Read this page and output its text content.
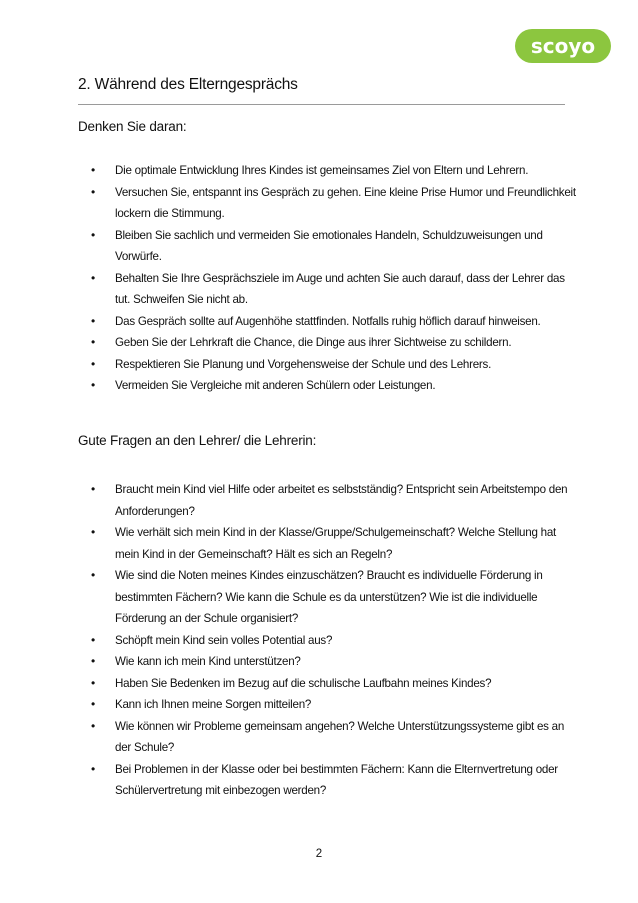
scoyo
2. Während des Elterngesprächs

Denken Sie daran:

• Die optimale Entwicklung Ihres Kindes ist gemeinsames Ziel von Eltern und Lehrern.
• Versuchen Sie, entspannt ins Gespräch zu gehen. Eine kleine Prise Humor und Freundlichkeit lockern die Stimmung.
• Bleiben Sie sachlich und vermeiden Sie emotionales Handeln, Schuldzuweisungen und Vorwürfe.
• Behalten Sie Ihre Gesprächsziele im Auge und achten Sie auch darauf, dass der Lehrer das tut. Schweifen Sie nicht ab.
• Das Gespräch sollte auf Augenhöhe stattfinden. Notfalls ruhig höflich darauf hinweisen.
• Geben Sie der Lehrkraft die Chance, die Dinge aus ihrer Sichtweise zu schildern.
• Respektieren Sie Planung und Vorgehensweise der Schule und des Lehrers.
• Vermeiden Sie Vergleiche mit anderen Schülern oder Leistungen.

Gute Fragen an den Lehrer/ die Lehrerin:

• Braucht mein Kind viel Hilfe oder arbeitet es selbstständig? Entspricht sein Arbeitstempo den Anforderungen?
• Wie verhält sich mein Kind in der Klasse/Gruppe/Schulgemeinschaft? Welche Stellung hat mein Kind in der Gemeinschaft? Hält es sich an Regeln?
• Wie sind die Noten meines Kindes einzuschätzen? Braucht es individuelle Förderung in bestimmten Fächern? Wie kann die Schule es da unterstützen? Wie ist die individuelle Förderung an der Schule organisiert?
• Schöpft mein Kind sein volles Potential aus?
• Wie kann ich mein Kind unterstützen?
• Haben Sie Bedenken im Bezug auf die schulische Laufbahn meines Kindes?
• Kann ich Ihnen meine Sorgen mitteilen?
• Wie können wir Probleme gemeinsam angehen? Welche Unterstützungssysteme gibt es an der Schule?
• Bei Problemen in der Klasse oder bei bestimmten Fächern: Kann die Elternvertretung oder Schülervertretung mit einbezogen werden?
2
